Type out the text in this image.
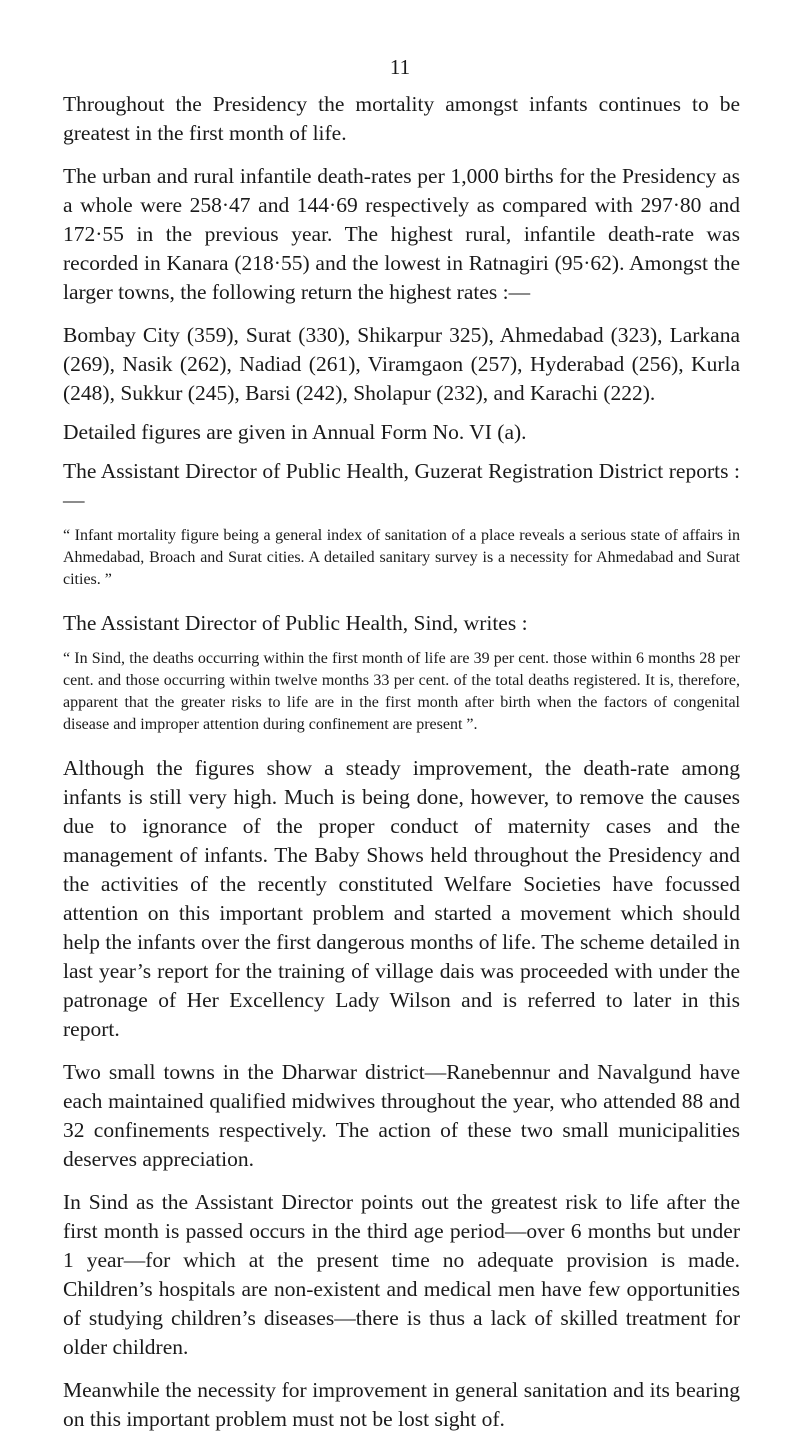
11

Throughout the Presidency the mortality amongst infants continues to be greatest in the first month of life.

The urban and rural infantile death-rates per 1,000 births for the Presidency as a whole were 258·47 and 144·69 respectively as compared with 297·80 and 172·55 in the previous year. The highest rural, infantile death-rate was recorded in Kanara (218·55) and the lowest in Ratnagiri (95·62). Amongst the larger towns, the following return the highest rates :—

Bombay City (359), Surat (330), Shikarpur 325), Ahmedabad (323), Larkana (269), Nasik (262), Nadiad (261), Viramgaon (257), Hyderabad (256), Kurla (248), Sukkur (245), Barsi (242), Sholapur (232), and Karachi (222).

Detailed figures are given in Annual Form No. VI (a).

The Assistant Director of Public Health, Guzerat Registration District reports :—

“ Infant mortality figure being a general index of sanitation of a place reveals a serious state of affairs in Ahmedabad, Broach and Surat cities. A detailed sanitary survey is a necessity for Ahmedabad and Surat cities. ”

The Assistant Director of Public Health, Sind, writes :

“ In Sind, the deaths occurring within the first month of life are 39 per cent. those within 6 months 28 per cent. and those occurring within twelve months 33 per cent. of the total deaths registered. It is, therefore, apparent that the greater risks to life are in the first month after birth when the factors of congenital disease and improper attention during confinement are present ”.

Although the figures show a steady improvement, the death-rate among infants is still very high. Much is being done, however, to remove the causes due to ignorance of the proper conduct of maternity cases and the management of infants. The Baby Shows held throughout the Presidency and the activities of the recently constituted Welfare Societies have focussed attention on this important problem and started a movement which should help the infants over the first dangerous months of life. The scheme detailed in last year’s report for the training of village dais was proceeded with under the patronage of Her Excellency Lady Wilson and is referred to later in this report.

Two small towns in the Dharwar district—Ranebennur and Navalgund have each maintained qualified midwives throughout the year, who attended 88 and 32 confinements respectively. The action of these two small municipalities deserves appreciation.

In Sind as the Assistant Director points out the greatest risk to life after the first month is passed occurs in the third age period—over 6 months but under 1 year—for which at the present time no adequate provision is made. Children’s hospitals are non-existent and medical men have few opportunities of studying children’s diseases—there is thus a lack of skilled treatment for older children.

Meanwhile the necessity for improvement in general sanitation and its bearing on this important problem must not be lost sight of.
